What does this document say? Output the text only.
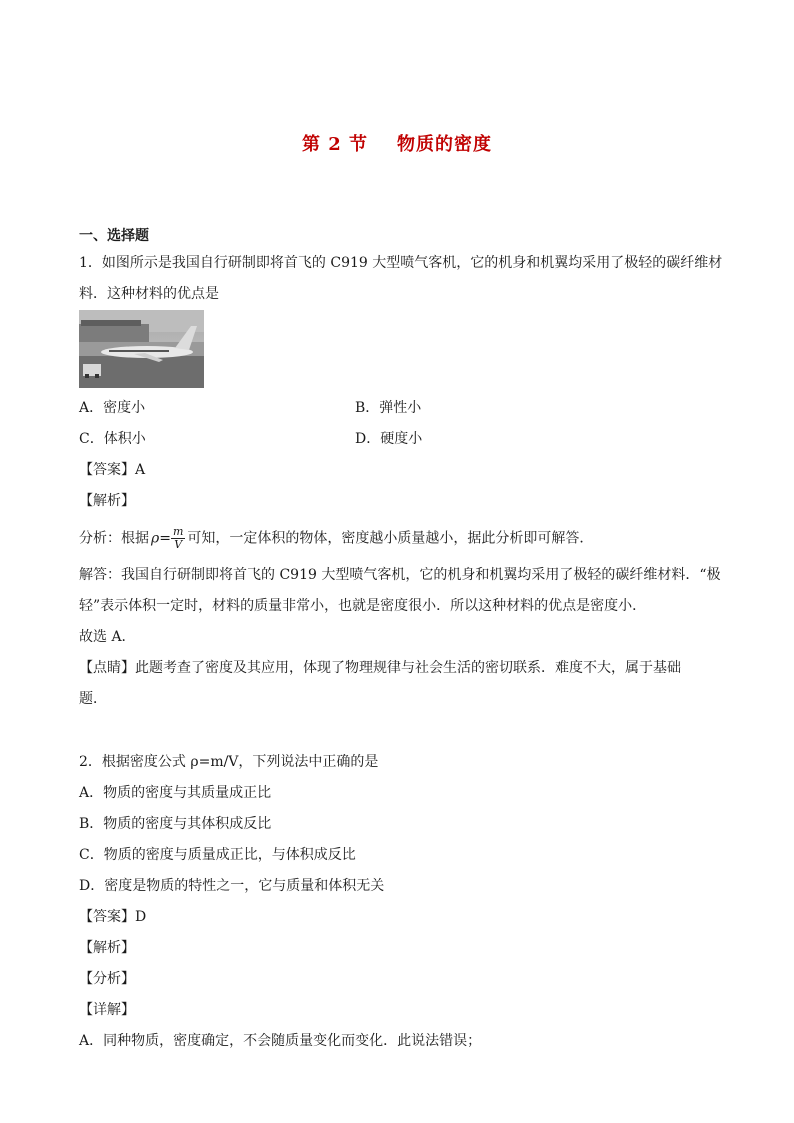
第 2 节    物质的密度
一、选择题
1．如图所示是我国自行研制即将首飞的 C919 大型喷气客机，它的机身和机翼均采用了极轻的碳纤维材
料．这种材料的优点是
A．密度小	B．弹性小
C．体积小	D．硬度小
【答案】A
【解析】
分析：根据 $\rho= \frac{m}{V}$ 可知，一定体积的物体，密度越小质量越小，据此分析即可解答．
解答：我国自行研制即将首飞的 C919 大型喷气客机，它的机身和机翼均采用了极轻的碳纤维材料．“极
轻”表示体积一定时，材料的质量非常小，也就是密度很小．所以这种材料的优点是密度小．
故选 A．
【点睛】此题考查了密度及其应用，体现了物理规律与社会生活的密切联系．难度不大，属于基础
题．
2．根据密度公式 ρ=m/V，下列说法中正确的是
A．物质的密度与其质量成正比
B．物质的密度与其体积成反比
C．物质的密度与质量成正比，与体积成反比
D．密度是物质的特性之一，它与质量和体积无关
【答案】D
【解析】
【分析】
【详解】
A．同种物质，密度确定，不会随质量变化而变化．此说法错误；
